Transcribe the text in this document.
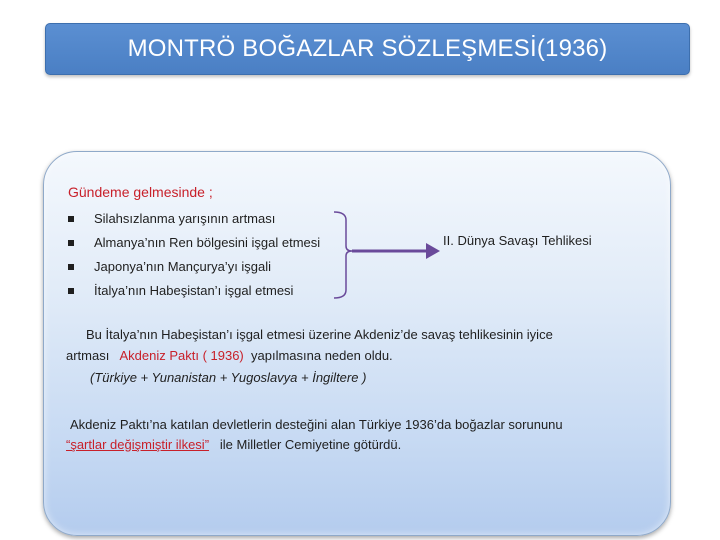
MONTRÖ BOĞAZLAR SÖZLEŞMESİ(1936)
Gündeme gelmesinde ;
Silahsızlanma yarışının artması
Almanya’nın Ren bölgesini işgal etmesi
Japonya’nın Mançurya’yı işgali
İtalya’nın Habeşistan’ı işgal etmesi
II. Dünya Savaşı Tehlikesi
Bu İtalya’nın Habeşistan’ı işgal etmesi üzerine Akdeniz’de savaş tehlikesinin iyice
artması Akdeniz Paktı ( 1936) yapılmasına neden oldu.
(Türkiye + Yunanistan + Yugoslavya + İngiltere )
Akdeniz Paktı’na katılan devletlerin desteğini alan Türkiye 1936’da boğazlar sorununu
“şartlar değişmiştir ilkesi” ile Milletler Cemiyetine götürdü.
